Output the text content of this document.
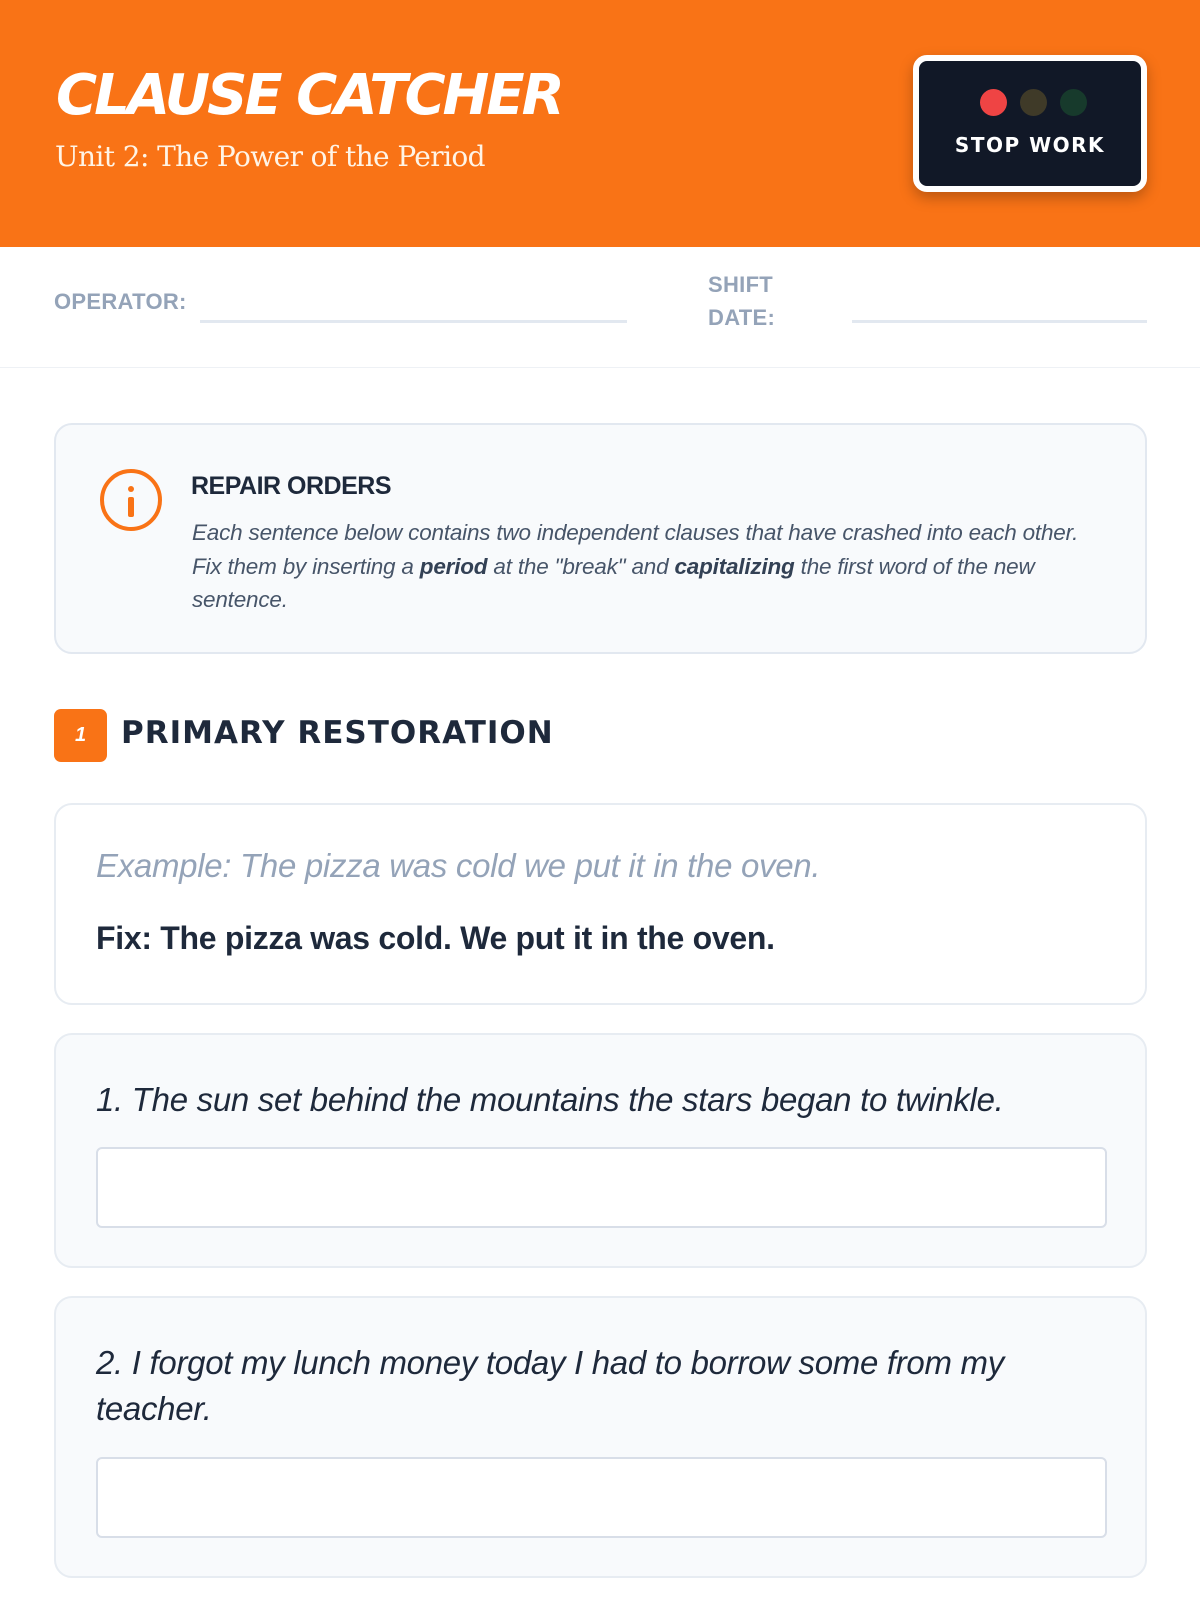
CLAUSE CATCHER
Unit 2: The Power of the Period	STOP WORK
OPERATOR:
SHIFT
DATE:
REPAIR ORDERS
Each sentence below contains two independent clauses that have crashed into each other. Fix them by inserting a period at the "break" and capitalizing the first word of the new sentence.
1	PRIMARY RESTORATION
Example: The pizza was cold we put it in the oven.
Fix: The pizza was cold. We put it in the oven.
1. The sun set behind the mountains the stars began to twinkle.
2. I forgot my lunch money today I had to borrow some from my teacher.
